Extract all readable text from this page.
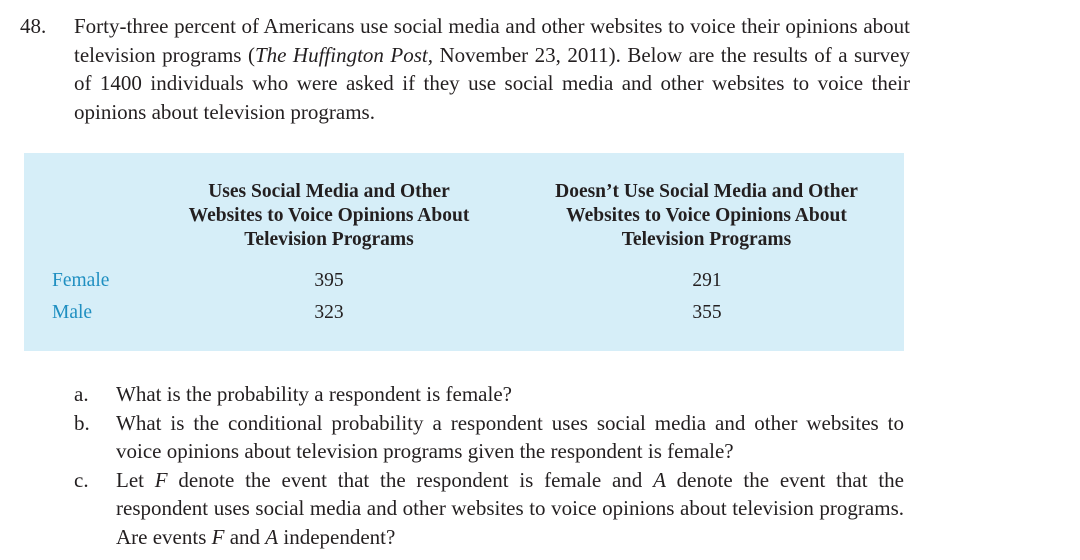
48. Forty-three percent of Americans use social media and other websites to voice their opinions about television programs (The Huffington Post, November 23, 2011). Below are the results of a survey of 1400 individuals who were asked if they use social media and other websites to voice their opinions about television programs.
Uses Social Media and Other
Websites to Voice Opinions About
Television Programs
Doesn’t Use Social Media and Other
Websites to Voice Opinions About
Television Programs
Female	395	291
Male	323	355
a.	What is the probability a respondent is female?
b.	What is the conditional probability a respondent uses social media and other websites to voice opinions about television programs given the respondent is female?
c.	Let F denote the event that the respondent is female and A denote the event that the respondent uses social media and other websites to voice opinions about television programs. Are events F and A independent?
